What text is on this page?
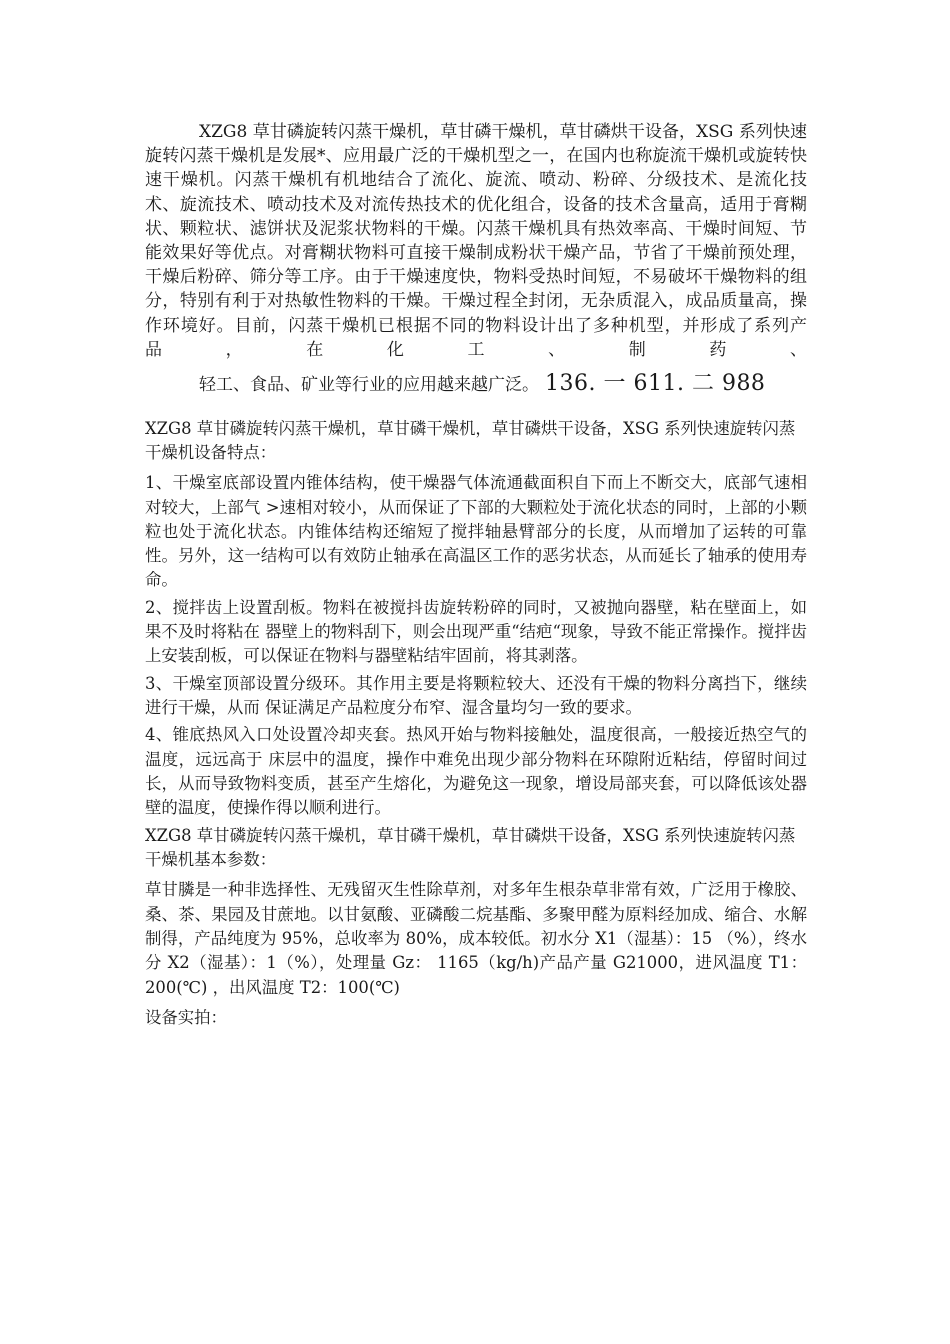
XZG8 草甘磷旋转闪蒸干燥机，草甘磷干燥机，草甘磷烘干设备，XSG 系列快速旋转闪蒸干燥机是发展*、应用最广泛的干燥机型之一，在国内也称旋流干燥机或旋转快速干燥机。闪蒸干燥机有机地结合了流化、旋流、喷动、粉碎、分级技术、是流化技术、旋流技术、喷动技术及对流传热技术的优化组合，设备的技术含量高，适用于膏糊状、颗粒状、滤饼状及泥浆状物料的干燥。闪蒸干燥机具有热效率高、干燥时间短、节能效果好等优点。对膏糊状物料可直接干燥制成粉状干燥产品，节省了干燥前预处理，干燥后粉碎、筛分等工序。由于干燥速度快，物料受热时间短，不易破坏干燥物料的组分，特别有利于对热敏性物料的干燥。干燥过程全封闭，无杂质混入，成品质量高，操作环境好。目前，闪蒸干燥机已根据不同的物料设计出了多种机型，并形成了系列产品，在化工、制药、轻工、食品、矿业等行业的应用越来越广泛。 136. 一 611. 二 988

XZG8 草甘磷旋转闪蒸干燥机，草甘磷干燥机，草甘磷烘干设备，XSG 系列快速旋转闪蒸干燥机设备特点：

1、干燥室底部设置内锥体结构，使干燥器气体流通截面积自下而上不断交大，底部气速相对较大，上部气 >速相对较小，从而保证了下部的大颗粒处于流化状态的同时，上部的小颗粒也处于流化状态。内锥体结构还缩短了搅拌轴悬臂部分的长度，从而增加了运转的可靠性。另外，这一结构可以有效防止轴承在高温区工作的恶劣状态，从而延长了轴承的使用寿命。

2、搅拌齿上设置刮板。物料在被搅抖齿旋转粉碎的同时，又被抛向器壁，粘在壁面上，如果不及时将粘在 器壁上的物料刮下，则会出现严重“结疤“现象，导致不能正常操作。搅拌齿上安装刮板，可以保证在物料与器壁粘结牢固前，将其剥落。

3、干燥室顶部设置分级环。其作用主要是将颗粒较大、还没有干燥的物料分离挡下，继续进行干燥，从而 保证满足产品粒度分布窄、湿含量均匀一致的要求。

4、锥底热风入口处设置冷却夹套。热风开始与物料接触处，温度很高，一般接近热空气的温度，远远高于 床层中的温度，操作中难免出现少部分物料在环隙附近粘结，停留时间过长，从而导致物料变质，甚至产生熔化，为避免这一现象，增设局部夹套，可以降低该处器壁的温度，使操作得以顺利进行。

XZG8 草甘磷旋转闪蒸干燥机，草甘磷干燥机，草甘磷烘干设备，XSG 系列快速旋转闪蒸干燥机基本参数：

草甘膦是一种非选择性、无残留灭生性除草剂，对多年生根杂草非常有效，广泛用于橡胶、桑、茶、果园及甘蔗地。以甘氨酸、亚磷酸二烷基酯、多聚甲醛为原料经加成、缩合、水解制得，产品纯度为 95%，总收率为 80%，成本较低。初水分 X1（湿基）：15 （%），终水分 X2（湿基）：1（%），处理量 Gz： 1165（kg/h)产品产量 G21000，进风温度 T1：200(℃) ，出风温度 T2：100(℃)

设备实拍：
